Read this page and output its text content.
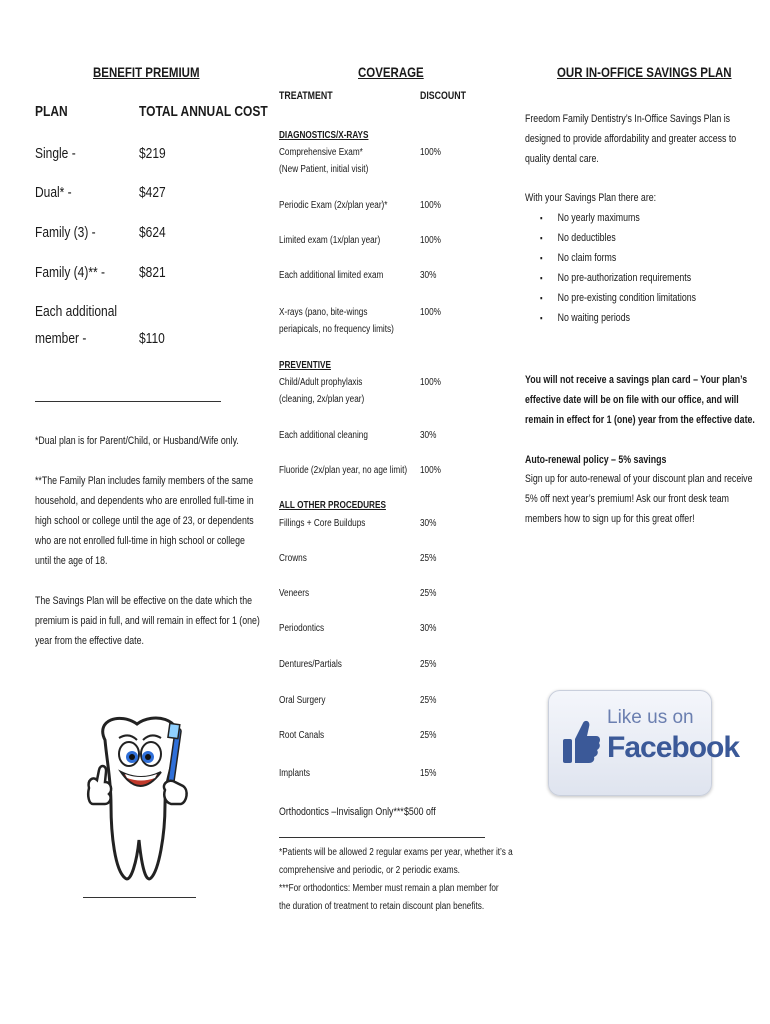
BENEFIT PREMIUM
PLAN	TOTAL ANNUAL COST
Single -	$219
Dual* -	$427
Family (3) -	$624
Family (4)** - $821
Each additional
member -	$110
*Dual plan is for Parent/Child, or Husband/Wife only.
**The Family Plan includes family members of the same
household, and dependents who are enrolled full-time in
high school or college until the age of 23, or dependents
who are not enrolled full-time in high school or college
until the age of 18.
The Savings Plan will be effective on the date which the
premium is paid in full, and will remain in effect for 1 (one)
year from the effective date.
COVERAGE
TREATMENT	DISCOUNT
DIAGNOSTICS/X-RAYS
Comprehensive Exam*
(New Patient, initial visit)
100%
Periodic Exam (2x/plan year)*	100%
Limited exam (1x/plan year)	100%
Each additional limited exam	30%
X-rays (pano, bite-wings
periapicals, no frequency limits)
100%
PREVENTIVE
Child/Adult prophylaxis
(cleaning, 2x/plan year)
100%
Each additional cleaning	30%
Fluoride (2x/plan year, no age limit) 100%
ALL OTHER PROCEDURES
Fillings + Core Buildups	30%
Crowns	25%
Veneers	25%
Periodontics	30%
Dentures/Partials	25%
Oral Surgery	25%
Root Canals	25%
Implants	15%
Orthodontics –Invisalign Only*** $500 off
*Patients will be allowed 2 regular exams per year, whether it’s a
comprehensive and periodic, or 2 periodic exams.
***For orthodontics: Member must remain a plan member for
the duration of treatment to retain discount plan benefits.
OUR IN-OFFICE SAVINGS PLAN
Freedom Family Dentistry’s In-Office Savings Plan is
designed to provide affordability and greater access to
quality dental care.
With your Savings Plan there are:
▪ No yearly maximums
▪ No deductibles
▪ No claim forms
▪ No pre-authorization requirements
▪ No pre-existing condition limitations
▪ No waiting periods
You will not receive a savings plan card – Your plan’s
effective date will be on file with our office, and will
remain in effect for 1 (one) year from the effective date.
Auto-renewal policy – 5% savings
Sign up for auto-renewal of your discount plan and receive
5% off next year’s premium! Ask our front desk team
members how to sign up for this great offer!
Like us on
Facebook
